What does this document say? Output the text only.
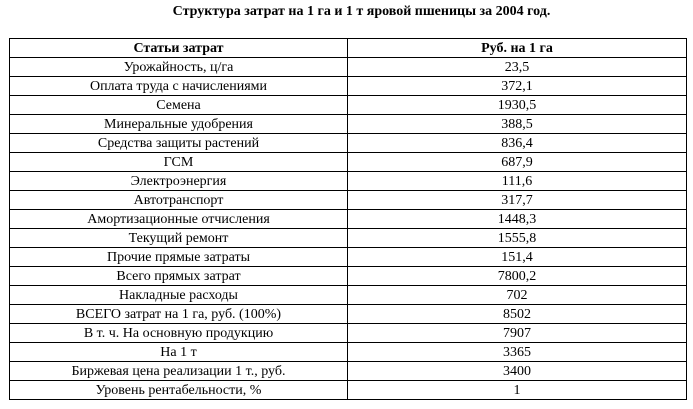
Структура затрат на 1 га и 1 т яровой пшеницы за 2004 год.
Статьи затрат	Руб. на 1 га
Урожайность, ц/га	23,5
Оплата труда с начислениями	372,1
Семена	1930,5
Минеральные удобрения	388,5
Средства защиты растений	836,4
ГСМ	687,9
Электроэнергия	111,6
Автотранспорт	317,7
Амортизационные отчисления	1448,3
Текущий ремонт	1555,8
Прочие прямые затраты	151,4
Всего прямых затрат	7800,2
Накладные расходы	702
ВСЕГО затрат на 1 га, руб. (100%)	8502
В т. ч. На основную продукцию	7907
На 1 т	3365
Биржевая цена реализации 1 т., руб.	3400
Уровень рентабельности, %	1
